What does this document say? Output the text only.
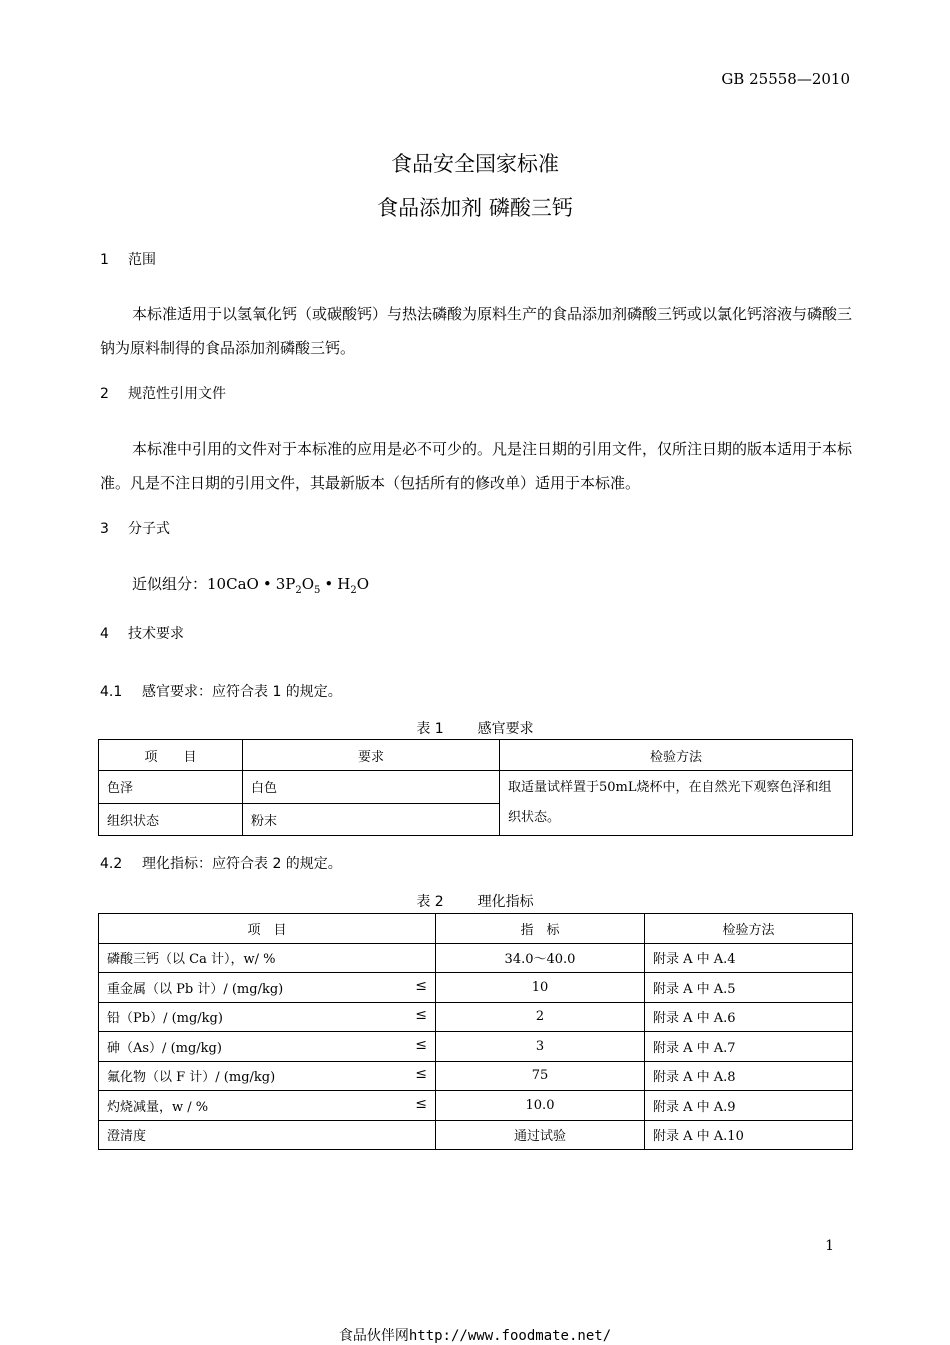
GB 25558—2010
食品安全国家标准
食品添加剂 磷酸三钙
1 范围
本标准适用于以氢氧化钙（或碳酸钙）与热法磷酸为原料生产的食品添加剂磷酸三钙或以氯化钙溶液与磷酸三钠为原料制得的食品添加剂磷酸三钙。
2 规范性引用文件
本标准中引用的文件对于本标准的应用是必不可少的。凡是注日期的引用文件，仅所注日期的版本适用于本标准。凡是不注日期的引用文件，其最新版本（包括所有的修改单）适用于本标准。
3 分子式
近似组分：10CaO • $3P_2O_5$ • $H_2O$
4 技术要求
4.1 感官要求：应符合表 1 的规定。
表 1 感官要求
项　　目	要求	检验方法
色泽	白色	取适量试样置于50mL烧杯中，在自然光下观察色泽和组织状态。
组织状态	粉末	
4.2 理化指标：应符合表 2 的规定。
表 2 理化指标
项　目	指　标	检验方法
磷酸三钙（以 Ca 计），w/ %	34.0～40.0	附录 A 中 A.4
重金属（以 Pb 计）/ (mg/kg) ≤	10	附录 A 中 A.5
铅（Pb）/ (mg/kg) ≤	2	附录 A 中 A.6
砷（As）/ (mg/kg) ≤	3	附录 A 中 A.7
氟化物（以 F 计）/ (mg/kg) ≤	75	附录 A 中 A.8
灼烧减量，w / % ≤	10.0	附录 A 中 A.9
澄清度	通过试验	附录 A 中 A.10
1
食品伙伴网http://www.foodmate.net/
